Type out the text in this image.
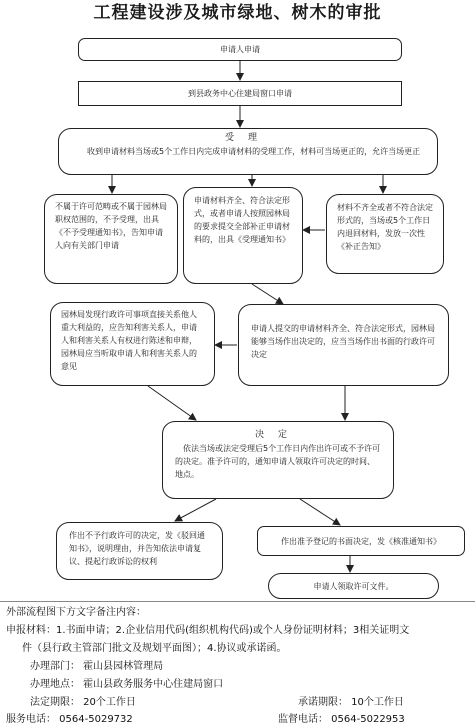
工程建设涉及城市绿地、树木的审批
申请人申请
到县政务中心住建局窗口申请
受理
收到申请材料当场或5个工作日内完成申请材料的受理工作，材料可当场更正的，允许当场更正
不属于许可范畴或不属于园林局职权范围的，不予受理，出具《不予受理通知书》，告知申请人向有关部门申请
申请材料齐全、符合法定形式，或者申请人按照园林局的要求提交全部补正申请材料的，出具《受理通知书》
材料不齐全或者不符合法定形式的，当场或5个工作日内退回材料，发放一次性《补正告知》
园林局发现行政许可事项直接关系他人重大利益的，应告知利害关系人，申请人和利害关系人有权进行陈述和申辩，园林局应当听取申请人和利害关系人的意见
申请人提交的申请材料齐全、符合法定形式，园林局能够当场作出决定的，应当当场作出书面的行政许可决定
决定
依法当场或法定受理后5个工作日内作出许可或不予许可的决定。准予许可的，通知申请人领取许可决定的时间、地点。
作出不予行政许可的决定，发《驳回通知书》，说明理由，并告知依法申请复议、提起行政诉讼的权利
作出准予登记的书面决定，发《核准通知书》
申请人领取许可文件。
外部流程图下方文字备注内容：
申报材料：1.书面申请；2.企业信用代码(组织机构代码)或个人身份证明材料；3相关证明文
件（县行政主管部门批文及规划平面图）；4.协议或承诺函。
办理部门： 霍山县园林管理局
办理地点： 霍山县政务服务中心住建局窗口
法定期限： 20个工作日	承诺期限： 10个工作日
服务电话： 0564-5029732	监督电话： 0564-5022953
